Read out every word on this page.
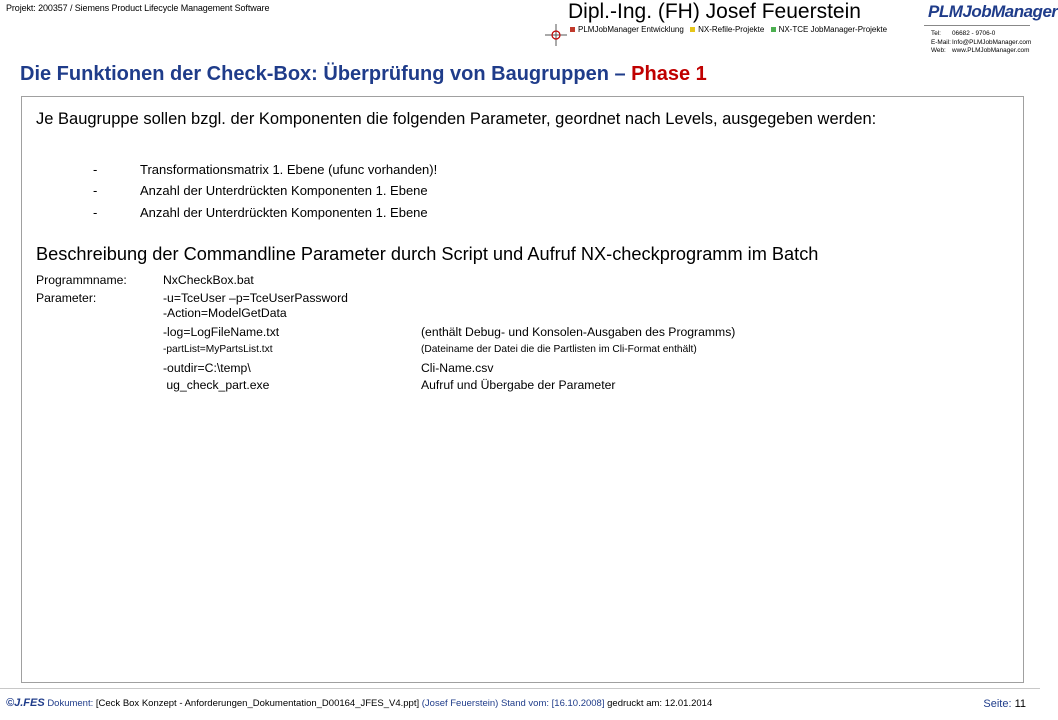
Projekt: 200357 / Siemens Product Lifecycle Management Software	Dipl.-Ing. (FH) Josef Feuerstein
PLMJobManager Entwicklung NX-Refile-Projekte NX-TCE JobManager-Projekte
PLMJobManager
Tel: 06682 - 9706-0
E-Mail:Info@PLMJobManager.com
Web: www.PLMJobManager.com
Die Funktionen der Check-Box: Überprüfung von Baugruppen – Phase 1
Je Baugruppe sollen bzgl. der Komponenten die folgenden Parameter, geordnet nach Levels, ausgegeben werden:
-	Transformationsmatrix 1. Ebene (ufunc vorhanden)!
-	Anzahl der Unterdrückten Komponenten 1. Ebene
-	Anzahl der Unterdrückten Komponenten 1. Ebene
Beschreibung der Commandline Parameter durch Script und Aufruf NX-checkprogramm im Batch
Programmname:	NxCheckBox.bat
Parameter:	-u=TceUser –p=TceUserPassword
-Action=ModelGetData
-log=LogFileName.txt	(enthält Debug- und Konsolen-Ausgaben des Programms)
-partList=MyPartsList.txt	(Dateiname der Datei die die Partlisten im Cli-Format enthält)
-outdir=C:\temp\	Cli-Name.csv
ug_check_part.exe	Aufruf und Übergabe der Parameter
©J.FES Dokument: [Ceck Box Konzept - Anforderungen_Dokumentation_D00164_JFES_V4.ppt] (Josef Feuerstein) Stand vom: [16.10.2008] gedruckt am: 12.01.2014	Seite: 11
